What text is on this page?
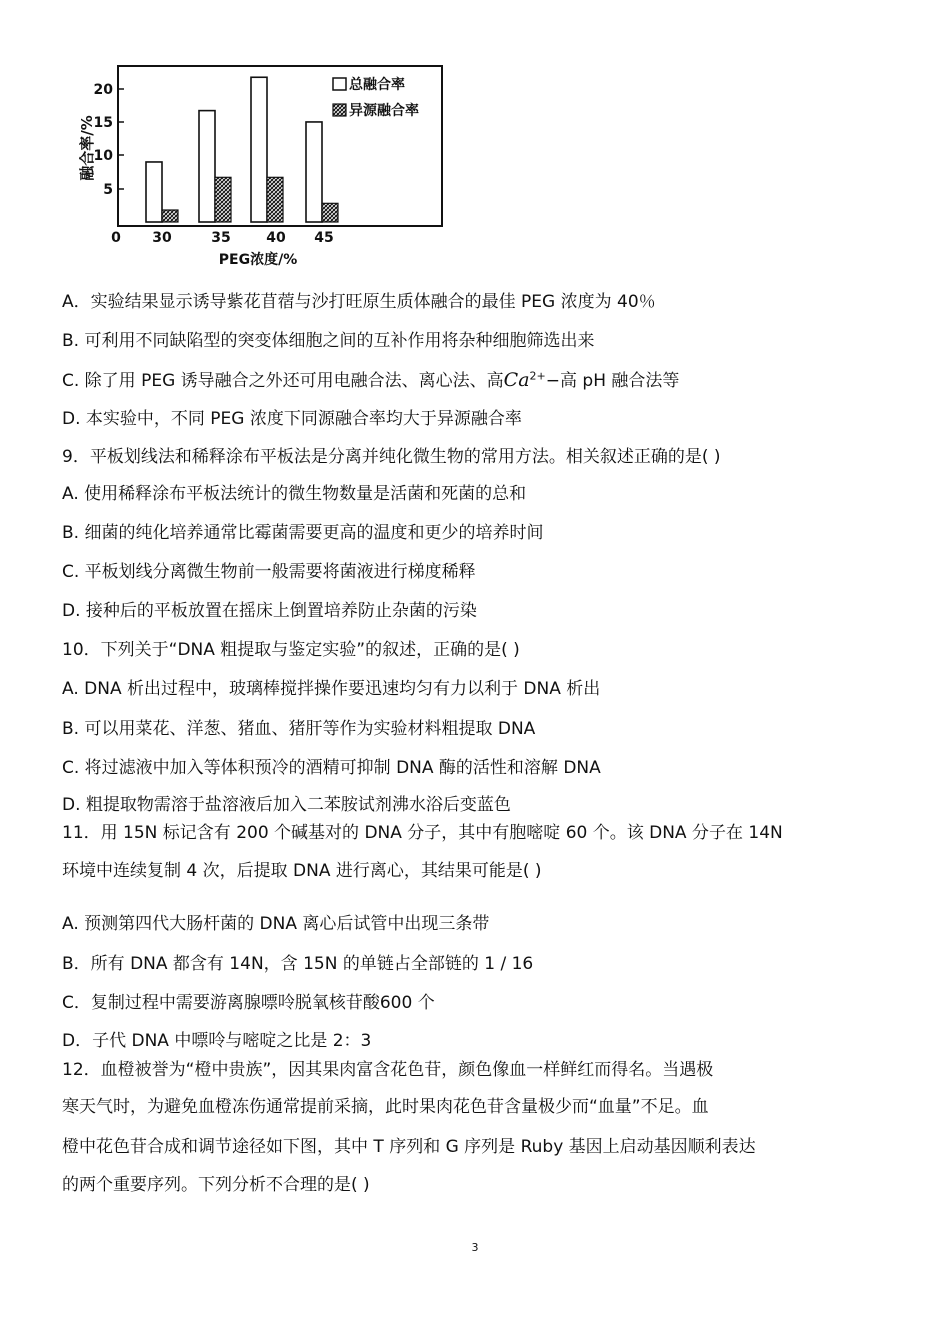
融合率/%
20
15
10
5
0 30	35	40 45
PEG浓度/%
总融合率
异源融合率
A．实验结果显示诱导紫花苜蓿与沙打旺原生质体融合的最佳 PEG 浓度为 40％
B. 可利用不同缺陷型的突变体细胞之间的互补作用将杂种细胞筛选出来
C. 除了用 PEG 诱导融合之外还可用电融合法、离心法、高$Ca^{2+}-$高 pH 融合法等
D. 本实验中，不同 PEG 浓度下同源融合率均大于异源融合率
9．平板划线法和稀释涂布平板法是分离并纯化微生物的常用方法。相关叙述正确的是( )
A. 使用稀释涂布平板法统计的微生物数量是活菌和死菌的总和
B. 细菌的纯化培养通常比霉菌需要更高的温度和更少的培养时间
C. 平板划线分离微生物前一般需要将菌液进行梯度稀释
D. 接种后的平板放置在摇床上倒置培养防止杂菌的污染
10．下列关于“DNA 粗提取与鉴定实验”的叙述，正确的是( )
A. DNA 析出过程中，玻璃棒搅拌操作要迅速均匀有力以利于 DNA 析出
B. 可以用菜花、洋葱、猪血、猪肝等作为实验材料粗提取 DNA
C. 将过滤液中加入等体积预冷的酒精可抑制 DNA 酶的活性和溶解 DNA
D. 粗提取物需溶于盐溶液后加入二苯胺试剂沸水浴后变蓝色
11．用 15N 标记含有 200 个碱基对的 DNA 分子，其中有胞嘧啶 60 个。该 DNA 分子在 14N
环境中连续复制 4 次，后提取 DNA 进行离心，其结果可能是( )
A. 预测第四代大肠杆菌的 DNA 离心后试管中出现三条带
B．所有 DNA 都含有 14N，含 15N 的单链占全部链的 1 / 16
C．复制过程中需要游离腺嘌呤脱氧核苷酸600 个
D．子代 DNA 中嘌呤与嘧啶之比是 2：3
12．血橙被誉为“橙中贵族”，因其果肉富含花色苷，颜色像血一样鲜红而得名。当遇极
寒天气时，为避免血橙冻伤通常提前采摘，此时果肉花色苷含量极少而“血量”不足。血
橙中花色苷合成和调节途径如下图，其中 T 序列和 G 序列是 Ruby 基因上启动基因顺利表达
的两个重要序列。下列分析不合理的是( )
3
